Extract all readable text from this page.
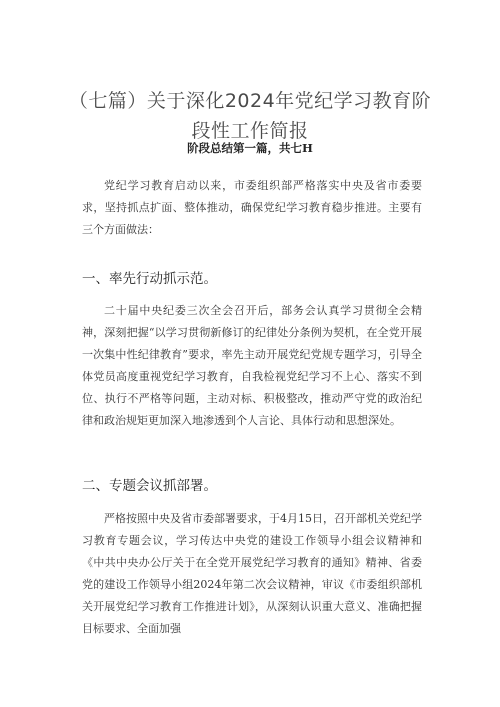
（七篇）关于深化2024年党纪学习教育阶
段性工作简报
阶段总结第一篇，共七H

党纪学习教育启动以来，市委组织部严格落实中央及省市委要求，坚持抓点扩面、整体推动，确保党纪学习教育稳步推进。主要有三个方面做法：

一、率先行动抓示范。

二十届中央纪委三次全会召开后，部务会认真学习贯彻全会精神，深刻把握“以学习贯彻新修订的纪律处分条例为契机，在全党开展一次集中性纪律教育”要求，率先主动开展党纪党规专题学习，引导全体党员高度重视党纪学习教育，自我检视党纪学习不上心、落实不到位、执行不严格等问题，主动对标、积极整改，推动严守党的政治纪律和政治规矩更加深入地渗透到个人言论、具体行动和思想深处。

二、专题会议抓部署。

严格按照中央及省市委部署要求，于4月15日，召开部机关党纪学习教育专题会议，学习传达中央党的建设工作领导小组会议精神和《中共中央办公厅关于在全党开展党纪学习教育的通知》精神、省委党的建设工作领导小组2024年第二次会议精神，审议《市委组织部机关开展党纪学习教育工作推进计划》，从深刻认识重大意义、准确把握目标要求、全面加强
